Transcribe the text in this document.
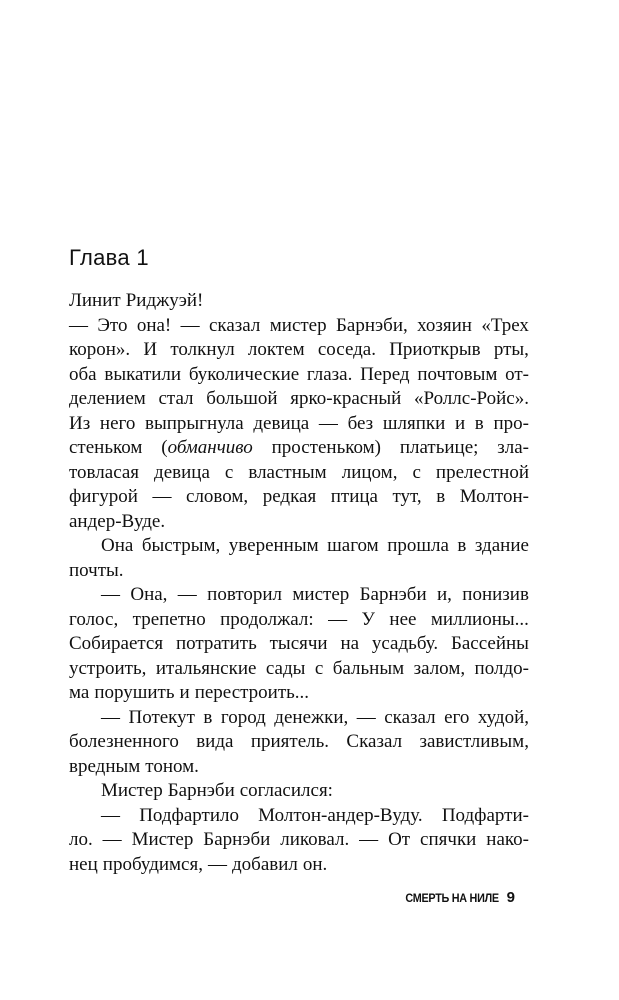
Глава 1
Линит Риджуэй!
— Это она! — сказал мистер Барнэби, хозяин «Трех
корон». И толкнул локтем соседа. Приоткрыв рты,
оба выкатили буколические глаза. Перед почтовым от-
делением стал большой ярко-красный «Роллс-Ройс».
Из него выпрыгнула девица — без шляпки и в про-
стеньком (обманчиво простеньком) платьице; зла-
товласая девица с властным лицом, с прелестной
фигурой — словом, редкая птица тут, в Молтон-
андер-Вуде.
Она быстрым, уверенным шагом прошла в здание
почты.
— Она, — повторил мистер Барнэби и, понизив
голос, трепетно продолжал: — У нее миллионы...
Собирается потратить тысячи на усадьбу. Бассейны
устроить, итальянские сады с бальным залом, полдо-
ма порушить и перестроить...
— Потекут в город денежки, — сказал его худой,
болезненного вида приятель. Сказал завистливым,
вредным тоном.
Мистер Барнэби согласился:
— Подфартило Молтон-андер-Вуду. Подфарти-
ло. — Мистер Барнэби ликовал. — От спячки нако-
нец пробудимся, — добавил он.
СМЕРТЬ НА НИЛЕ 9
